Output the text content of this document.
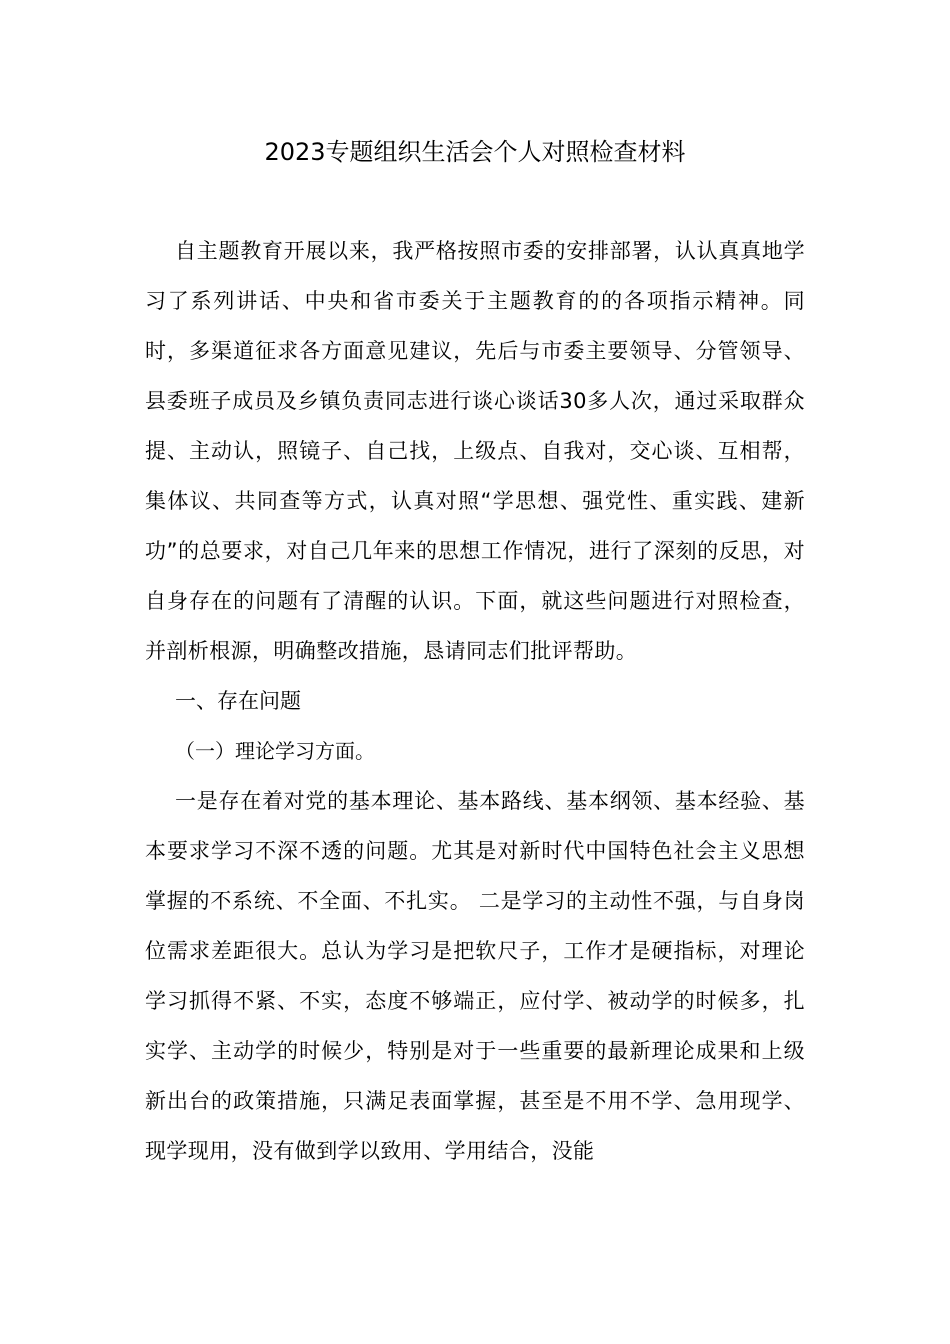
2023专题组织生活会个人对照检查材料

自主题教育开展以来，我严格按照市委的安排部署，认认真真地学习了系列讲话、中央和省市委关于主题教育的的各项指示精神。同时，多渠道征求各方面意见建议，先后与市委主要领导、分管领导、县委班子成员及乡镇负责同志进行谈心谈话30多人次，通过采取群众提、主动认，照镜子、自己找，上级点、自我对，交心谈、互相帮，集体议、共同查等方式，认真对照“学思想、强党性、重实践、建新功”的总要求，对自己几年来的思想工作情况，进行了深刻的反思，对自身存在的问题有了清醒的认识。下面，就这些问题进行对照检查，并剖析根源，明确整改措施，恳请同志们批评帮助。

一、存在问题

（一）理论学习方面。

一是存在着对党的基本理论、基本路线、基本纲领、基本经验、基本要求学习不深不透的问题。尤其是对新时代中国特色社会主义思想掌握的不系统、不全面、不扎实。 二是学习的主动性不强，与自身岗位需求差距很大。总认为学习是把软尺子，工作才是硬指标，对理论学习抓得不紧、不实，态度不够端正，应付学、被动学的时候多，扎实学、主动学的时候少，特别是对于一些重要的最新理论成果和上级新出台的政策措施，只满足表面掌握，甚至是不用不学、急用现学、现学现用，没有做到学以致用、学用结合，没能
